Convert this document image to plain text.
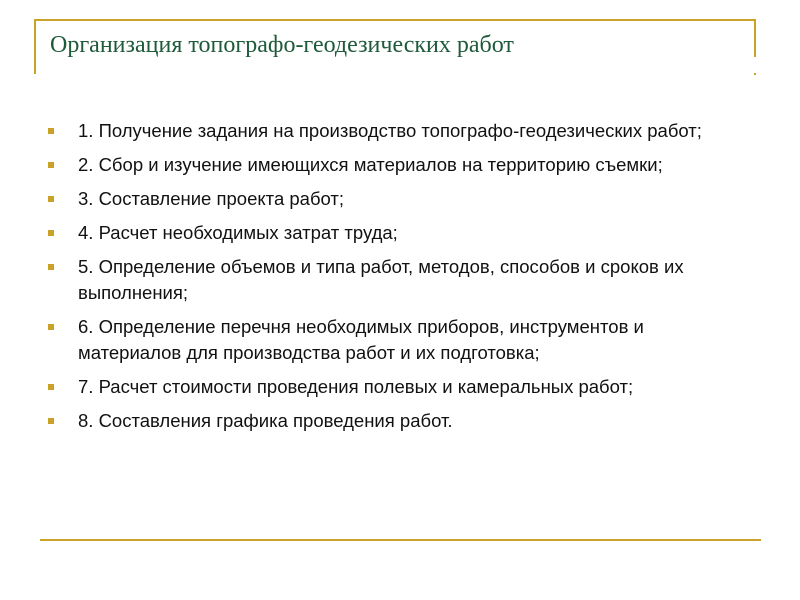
Организация топографо-геодезических работ
1. Получение задания на производство топографо-геодезических работ;
2. Сбор и изучение имеющихся материалов на территорию съемки;
3. Составление проекта работ;
4. Расчет необходимых затрат труда;
5. Определение объемов и типа работ, методов, способов и сроков их выполнения;
6. Определение перечня необходимых приборов, инструментов и материалов для производства работ и их подготовка;
7. Расчет стоимости проведения полевых и камеральных работ;
8. Составления графика проведения работ.
